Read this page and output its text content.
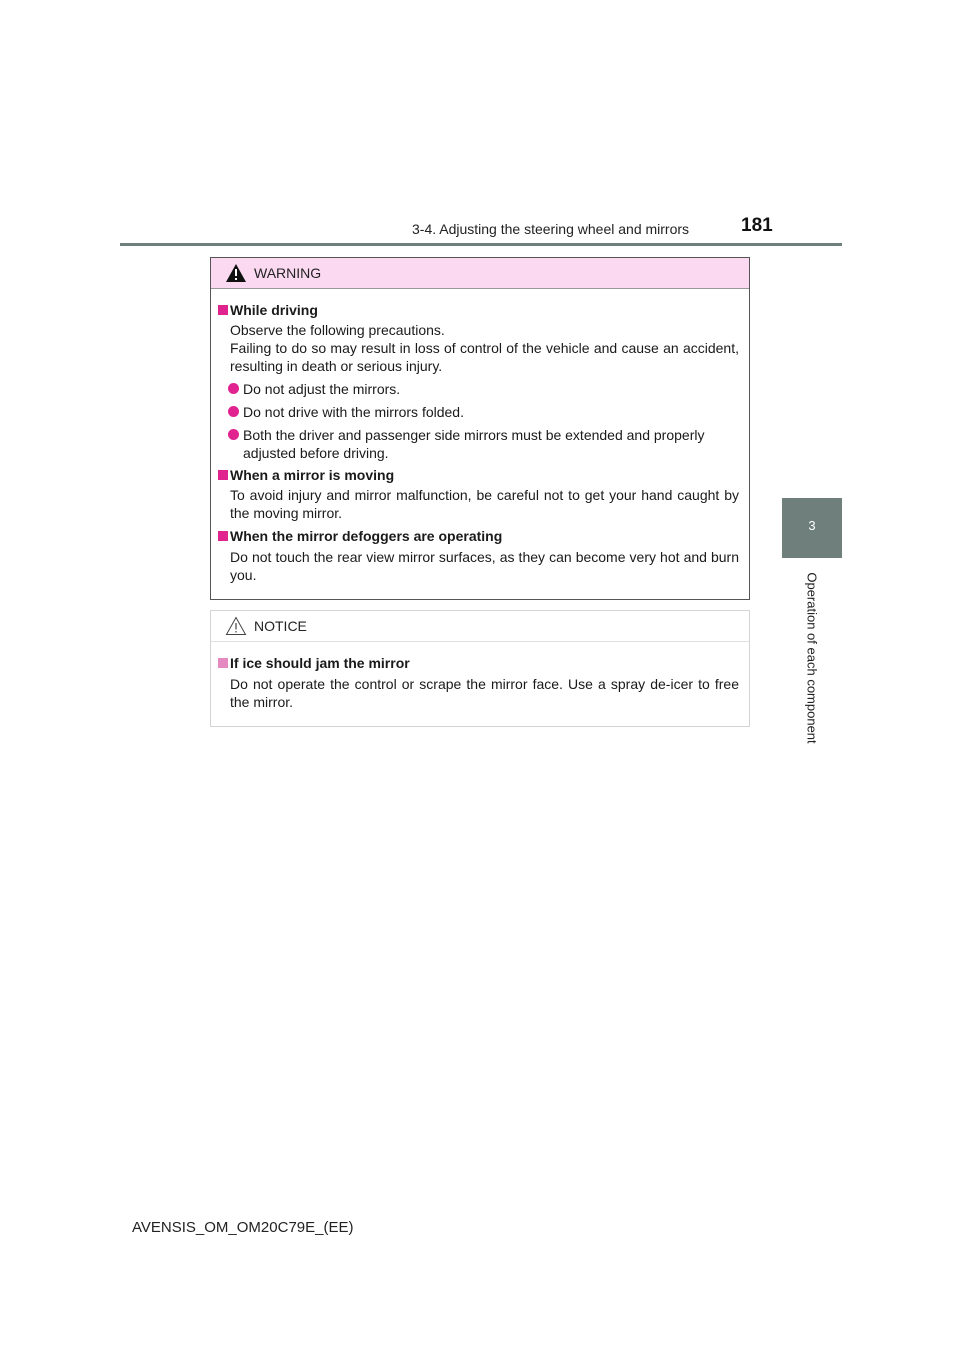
3-4. Adjusting the steering wheel and mirrors	181
3
Operation of each component
WARNING
While driving
Observe the following precautions.
Failing to do so may result in loss of control of the vehicle and cause an accident, resulting in death or serious injury.
Do not adjust the mirrors.
Do not drive with the mirrors folded.
Both the driver and passenger side mirrors must be extended and properly adjusted before driving.
When a mirror is moving
To avoid injury and mirror malfunction, be careful not to get your hand caught by the moving mirror.
When the mirror defoggers are operating
Do not touch the rear view mirror surfaces, as they can become very hot and burn you.
NOTICE
If ice should jam the mirror
Do not operate the control or scrape the mirror face. Use a spray de-icer to free the mirror.
AVENSIS_OM_OM20C79E_(EE)
